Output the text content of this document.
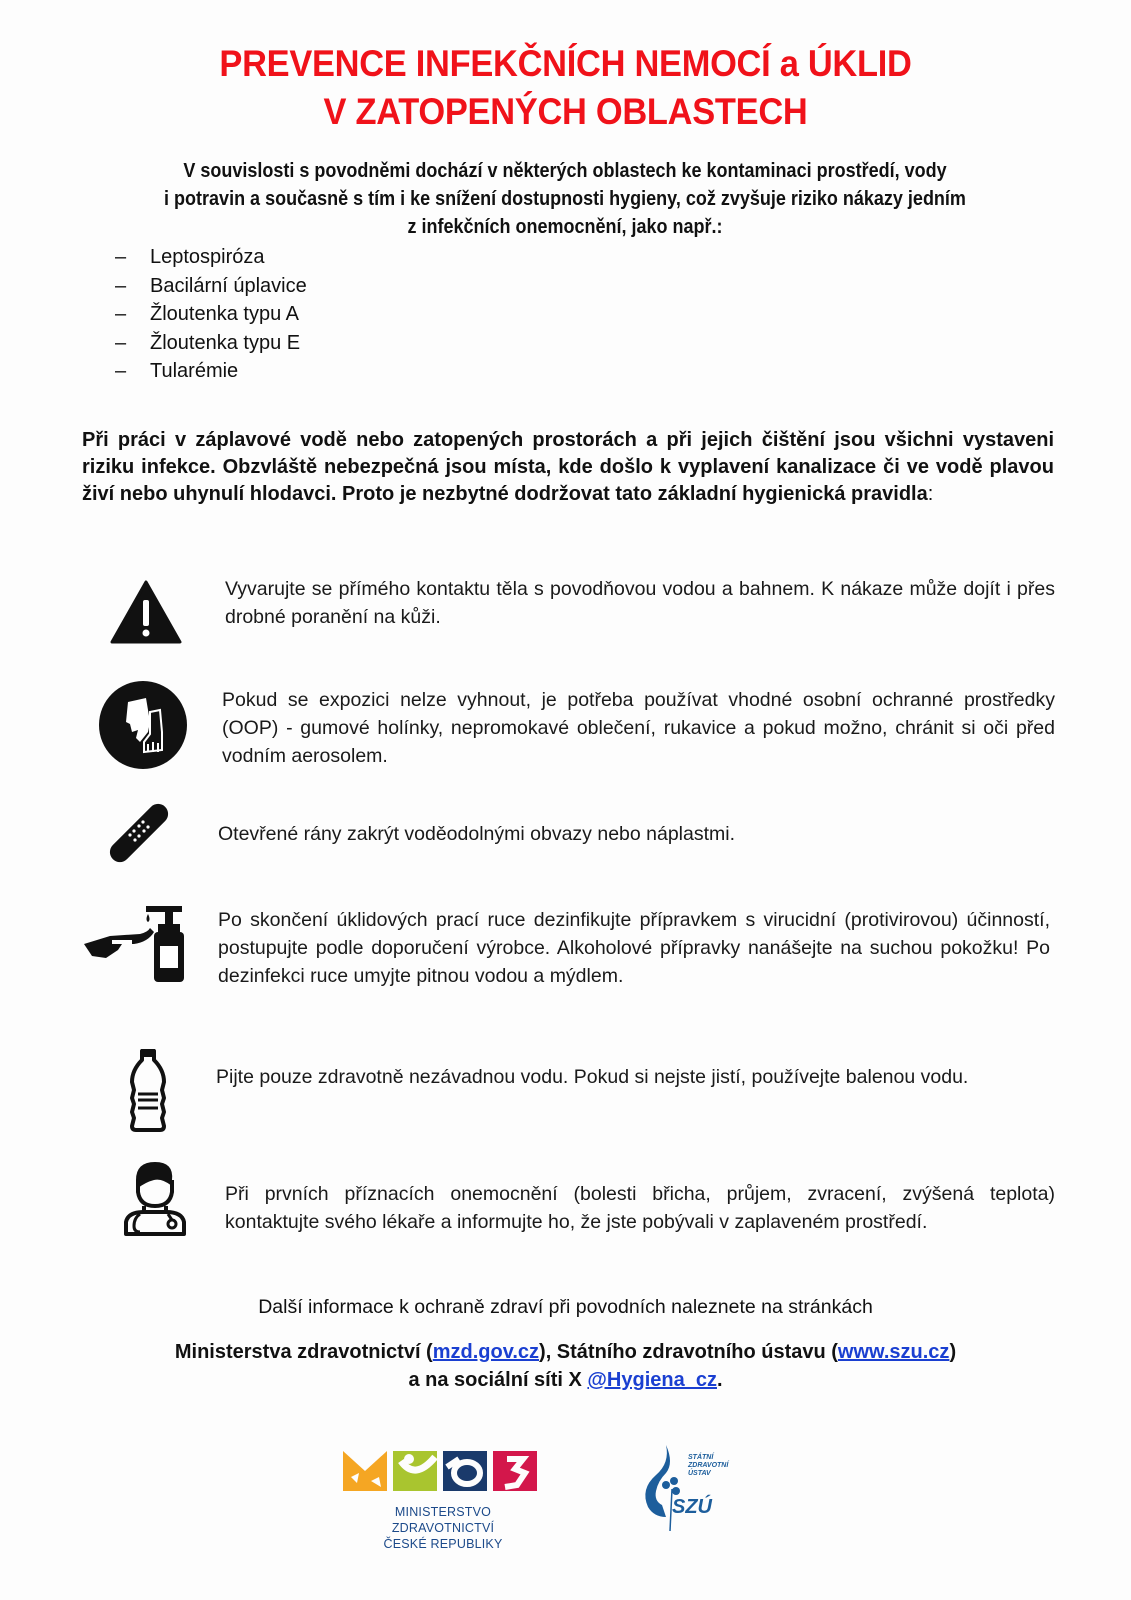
PREVENCE INFEKČNÍCH NEMOCÍ a ÚKLID
V ZATOPENÝCH OBLASTECH
V souvislosti s povodněmi dochází v některých oblastech ke kontaminaci prostředí, vody
i potravin a současně s tím i ke snížení dostupnosti hygieny, což zvyšuje riziko nákazy jedním
z infekčních onemocnění, jako např.:
–	Leptospiróza
–	Bacilární úplavice
–	Žloutenka typu A
–	Žloutenka typu E
–	Tularémie
Při práci v záplavové vodě nebo zatopených prostorách a při jejich čištění jsou všichni vystaveni riziku infekce. Obzvláště nebezpečná jsou místa, kde došlo k vyplavení kanalizace či ve vodě plavou živí nebo uhynulí hlodavci. Proto je nezbytné dodržovat tato základní hygienická pravidla:
Vyvarujte se přímého kontaktu těla s povodňovou vodou a bahnem. K nákaze může dojít i přes drobné poranění na kůži.
Pokud se expozici nelze vyhnout, je potřeba používat vhodné osobní ochranné prostředky (OOP) - gumové holínky, nepromokavé oblečení, rukavice a pokud možno, chránit si oči před vodním aerosolem.
Otevřené rány zakrýt voděodolnými obvazy nebo náplastmi.
Po skončení úklidových prací ruce dezinfikujte přípravkem s virucidní (protivirovou) účinností, postupujte podle doporučení výrobce. Alkoholové přípravky nanášejte na suchou pokožku! Po dezinfekci ruce umyjte pitnou vodou a mýdlem.
Pijte pouze zdravotně nezávadnou vodu. Pokud si nejste jistí, používejte balenou vodu.
Při prvních příznacích onemocnění (bolesti břicha, průjem, zvracení, zvýšená teplota) kontaktujte svého lékaře a informujte ho, že jste pobývali v zaplaveném prostředí.
Další informace k ochraně zdraví při povodních naleznete na stránkách
Ministerstva zdravotnictví (mzd.gov.cz), Státního zdravotního ústavu (www.szu.cz)
a na sociální síti X @Hygiena_cz.
MINISTERSTVO ZDRAVOTNICTVÍ
ČESKÉ REPUBLIKY
STÁTNÍ
ZDRAVOTNÍ
ÚSTAV
SZÚ
